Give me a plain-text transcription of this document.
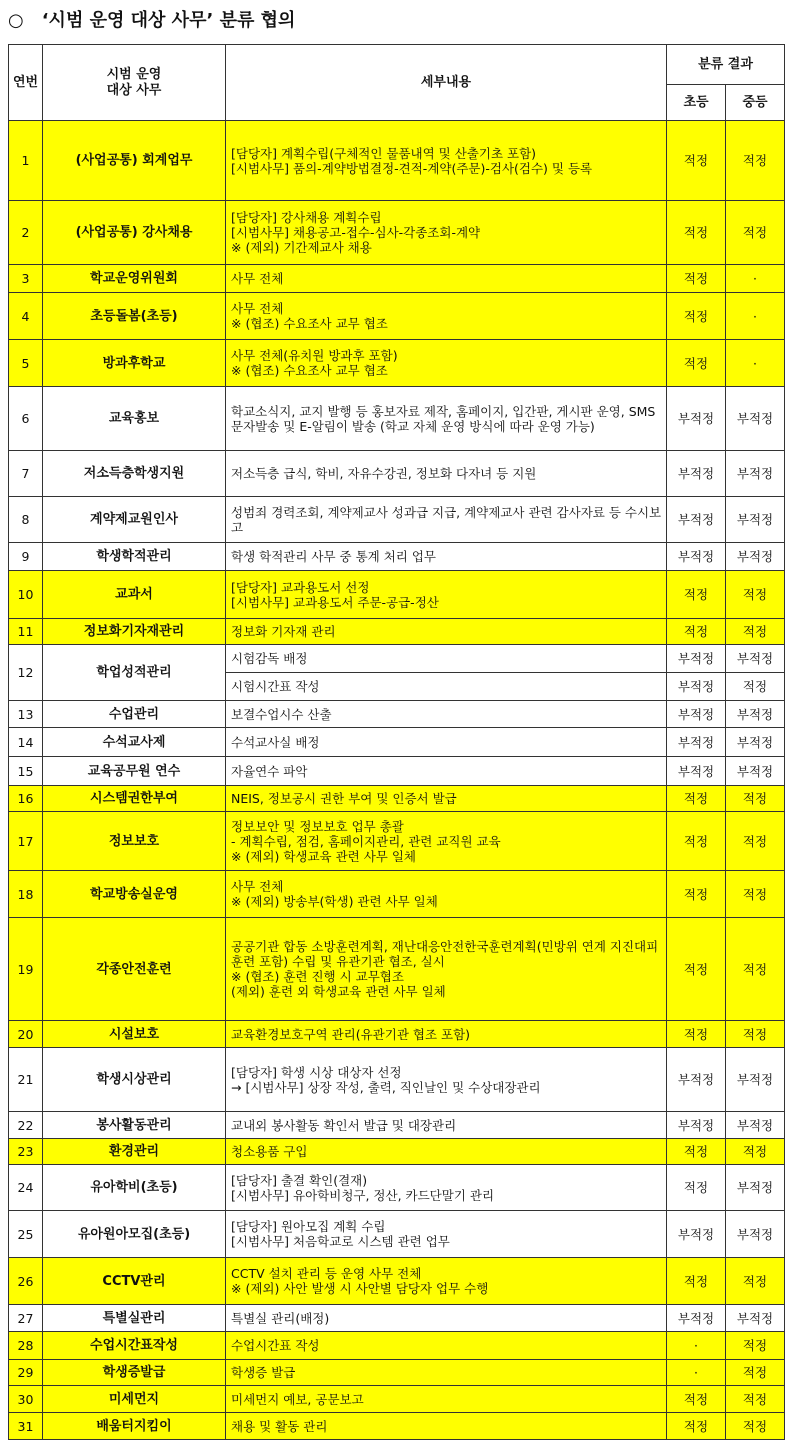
○ ‘시범 운영 대상 사무’ 분류 협의
연번	시범 운영
대상 사무	세부내용	분류 결과	
			초등	중등
1	(사업공통) 회계업무	[담당자] 계획수립(구체적인 물품내역 및 산출기초 포함)
[시범사무] 품의-계약방법결정-견적-계약(주문)-검사(검수) 및 등록	적정	적정
2	(사업공통) 강사채용	[담당자] 강사채용 계획수립
[시범사무] 채용공고-접수-심사-각종조회-계약
※ (제외) 기간제교사 채용	적정	적정
3	학교운영위원회	사무 전체	적정	·
4	초등돌봄(초등)	사무 전체
※ (협조) 수요조사 교무 협조	적정	·
5	방과후학교	사무 전체(유치원 방과후 포함)
※ (협조) 수요조사 교무 협조	적정	·
6	교육홍보	학교소식지, 교지 발행 등 홍보자료 제작, 홈페이지, 입간판, 게시판 운영, SMS 문자발송 및 E-알림이 발송 (학교 자체 운영 방식에 따라 운영 가능)	부적정	부적정
7	저소득층학생지원	저소득층 급식, 학비, 자유수강권, 정보화 다자녀 등 지원	부적정	부적정
8	계약제교원인사	성범죄 경력조회, 계약제교사 성과급 지급, 계약제교사 관련 감사자료 등 수시보고	부적정	부적정
9	학생학적관리	학생 학적관리 사무 중 통계 처리 업무	부적정	부적정
10	교과서	[담당자] 교과용도서 선정
[시범사무] 교과용도서 주문-공급-정산	적정	적정
11	정보화기자재관리	정보화 기자재 관리	적정	적정
12	학업성적관리	시험감독 배정	부적정	부적정

		시험시간표 작성	부적정	적정
13	수업관리	보결수업시수 산출	부적정	부적정
14	수석교사제	수석교사실 배정	부적정	부적정
15	교육공무원 연수	자율연수 파악	부적정	부적정
16	시스템권한부여	NEIS, 정보공시 권한 부여 및 인증서 발급	적정	적정
17	정보보호	정보보안 및 정보보호 업무 총괄
- 계획수립, 점검, 홈페이지관리, 관련 교직원 교육
※ (제외) 학생교육 관련 사무 일체	적정	적정
18	학교방송실운영	사무 전체
※ (제외) 방송부(학생) 관련 사무 일체	적정	적정
19	각종안전훈련	공공기관 합동 소방훈련계획, 재난대응안전한국훈련계획(민방위 연계 지진대피 훈련 포함) 수립 및 유관기관 협조, 실시
※ (협조) 훈련 진행 시 교무협조
(제외) 훈련 외 학생교육 관련 사무 일체	적정	적정
20	시설보호	교육환경보호구역 관리(유관기관 협조 포함)	적정	적정
21	학생시상관리	[담당자] 학생 시상 대상자 선정
→ [시범사무] 상장 작성, 출력, 직인날인 및 수상대장관리	부적정	부적정
22	봉사활동관리	교내외 봉사활동 확인서 발급 및 대장관리	부적정	부적정
23	환경관리	청소용품 구입	적정	적정
24	유아학비(초등)	[담당자] 출결 확인(결재)
[시범사무] 유아학비청구, 정산, 카드단말기 관리	적정	부적정
25	유아원아모집(초등)	[담당자] 원아모집 계획 수립
[시범사무] 처음학교로 시스템 관련 업무	부적정	부적정
26	CCTV관리	CCTV 설치 관리 등 운영 사무 전체
※ (제외) 사안 발생 시 사안별 담당자 업무 수행	적정	적정
27	특별실관리	특별실 관리(배정)	부적정	부적정
28	수업시간표작성	수업시간표 작성	·	적정
29	학생증발급	학생증 발급	·	적정
30	미세먼지	미세먼지 예보, 공문보고	적정	적정
31	배움터지킴이	채용 및 활동 관리	적정	적정
